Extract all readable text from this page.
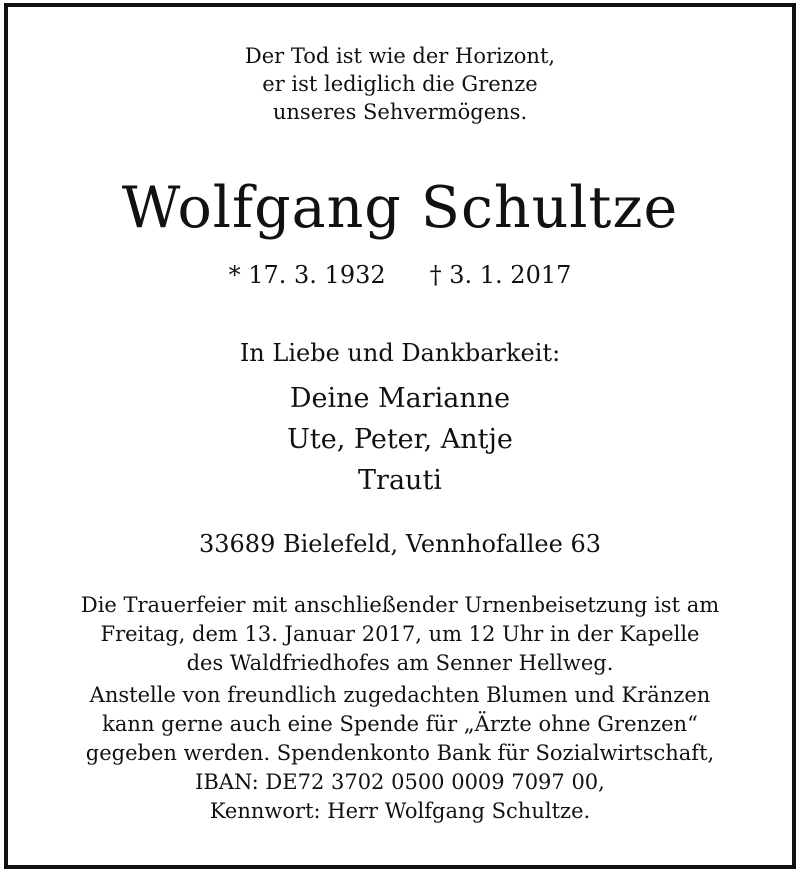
Der Tod ist wie der Horizont,
er ist lediglich die Grenze
unseres Sehvermögens.
Wolfgang Schultze
* 17. 3. 1932 † 3. 1. 2017
In Liebe und Dankbarkeit:
Deine Marianne
Ute, Peter, Antje
Trauti
33689 Bielefeld, Vennhofallee 63
Die Trauerfeier mit anschließender Urnenbeisetzung ist am
Freitag, dem 13. Januar 2017, um 12 Uhr in der Kapelle
des Waldfriedhofes am Senner Hellweg.
Anstelle von freundlich zugedachten Blumen und Kränzen
kann gerne auch eine Spende für „Ärzte ohne Grenzen“
gegeben werden. Spendenkonto Bank für Sozialwirtschaft,
IBAN: DE72 3702 0500 0009 7097 00,
Kennwort: Herr Wolfgang Schultze.
